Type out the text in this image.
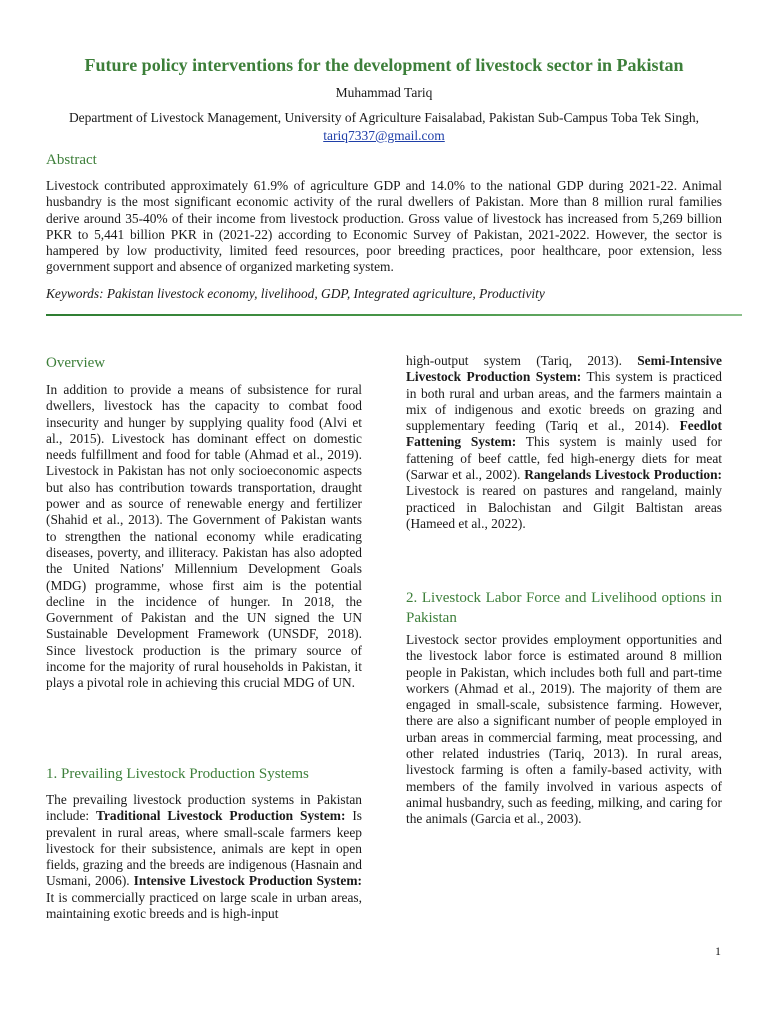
Future policy interventions for the development of livestock sector in Pakistan
Muhammad Tariq
Department of Livestock Management, University of Agriculture Faisalabad, Pakistan Sub-Campus Toba Tek Singh,
tariq7337@gmail.com
Abstract

Livestock contributed approximately 61.9% of agriculture GDP and 14.0% to the national GDP during 2021-22. Animal husbandry is the most significant economic activity of the rural dwellers of Pakistan. More than 8 million rural families derive around 35-40% of their income from livestock production. Gross value of livestock has increased from 5,269 billion PKR to 5,441 billion PKR in (2021-22) according to Economic Survey of Pakistan, 2021-2022. However, the sector is hampered by low productivity, limited feed resources, poor breeding practices, poor healthcare, poor extension, less government support and absence of organized marketing system.

Keywords: Pakistan livestock economy, livelihood, GDP, Integrated agriculture, Productivity

Overview

In addition to provide a means of subsistence for rural dwellers, livestock has the capacity to combat food insecurity and hunger by supplying quality food (Alvi et al., 2015). Livestock has dominant effect on domestic needs fulfillment and food for table (Ahmad et al., 2019). Livestock in Pakistan has not only socioeconomic aspects but also has contribution towards transportation, draught power and as source of renewable energy and fertilizer (Shahid et al., 2013). The Government of Pakistan wants to strengthen the national economy while eradicating diseases, poverty, and illiteracy. Pakistan has also adopted the United Nations' Millennium Development Goals (MDG) programme, whose first aim is the potential decline in the incidence of hunger. In 2018, the Government of Pakistan and the UN signed the UN Sustainable Development Framework (UNSDF, 2018). Since livestock production is the primary source of income for the majority of rural households in Pakistan, it plays a pivotal role in achieving this crucial MDG of UN.

1. Prevailing Livestock Production Systems

The prevailing livestock production systems in Pakistan include: Traditional Livestock Production System: Is prevalent in rural areas, where small-scale farmers keep livestock for their subsistence, animals are kept in open fields, grazing and the breeds are indigenous (Hasnain and Usmani, 2006). Intensive Livestock Production System: It is commercially practiced on large scale in urban areas, maintaining exotic breeds and is high-input

high-output system (Tariq, 2013). Semi-Intensive Livestock Production System: This system is practiced in both rural and urban areas, and the farmers maintain a mix of indigenous and exotic breeds on grazing and supplementary feeding (Tariq et al., 2014). Feedlot Fattening System: This system is mainly used for fattening of beef cattle, fed high-energy diets for meat (Sarwar et al., 2002). Rangelands Livestock Production: Livestock is reared on pastures and rangeland, mainly practiced in Balochistan and Gilgit Baltistan areas (Hameed et al., 2022).

2. Livestock Labor Force and Livelihood options in Pakistan

Livestock sector provides employment opportunities and the livestock labor force is estimated around 8 million people in Pakistan, which includes both full and part-time workers (Ahmad et al., 2019). The majority of them are engaged in small-scale, subsistence farming. However, there are also a significant number of people employed in urban areas in commercial farming, meat processing, and other related industries (Tariq, 2013). In rural areas, livestock farming is often a family-based activity, with members of the family involved in various aspects of animal husbandry, such as feeding, milking, and caring for the animals (Garcia et al., 2003).

1
